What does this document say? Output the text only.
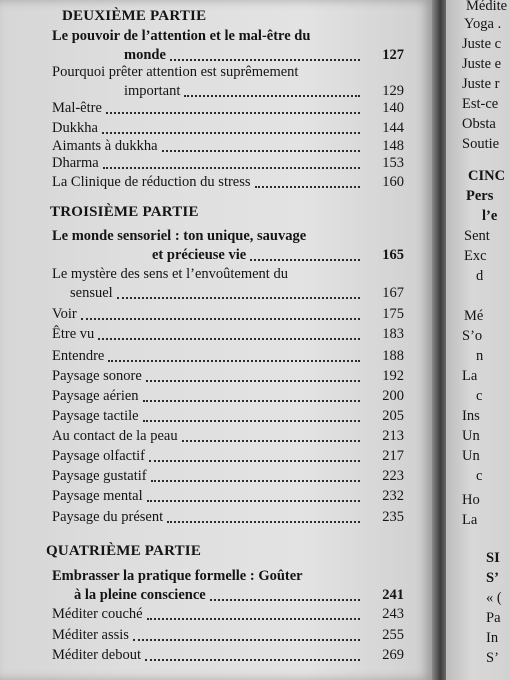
DEUXIÈME PARTIE
Le pouvoir de l’attention et le mal-être du
monde	127
Pourquoi prêter attention est suprêmement
important	129
Mal-être	140
Dukkha	144
Aimants à dukkha	148
Dharma	153
La Clinique de réduction du stress	160
TROISIÈME PARTIE
Le monde sensoriel : ton unique, sauvage
et précieuse vie	165
Le mystère des sens et l’envoûtement du
sensuel	167
Voir	175
Être vu	183
Entendre	188
Paysage sonore	192
Paysage aérien	200
Paysage tactile	205
Au contact de la peau	213
Paysage olfactif	217
Paysage gustatif	223
Paysage mental	232
Paysage du présent	235
QUATRIÈME PARTIE
Embrasser la pratique formelle : Goûter
à la pleine conscience	241
Méditer couché	243
Méditer assis	255
Méditer debout	269
Médite
Yoga .
Juste c
Juste e
Juste r
Est-ce
Obsta
Soutie
CINC
Pers
l’e
Sent
Exc
d
Mé
S’o
n
La
c
Ins
Un
Un
c
Ho
La
SI
S’
« (
Pa
In
S’
